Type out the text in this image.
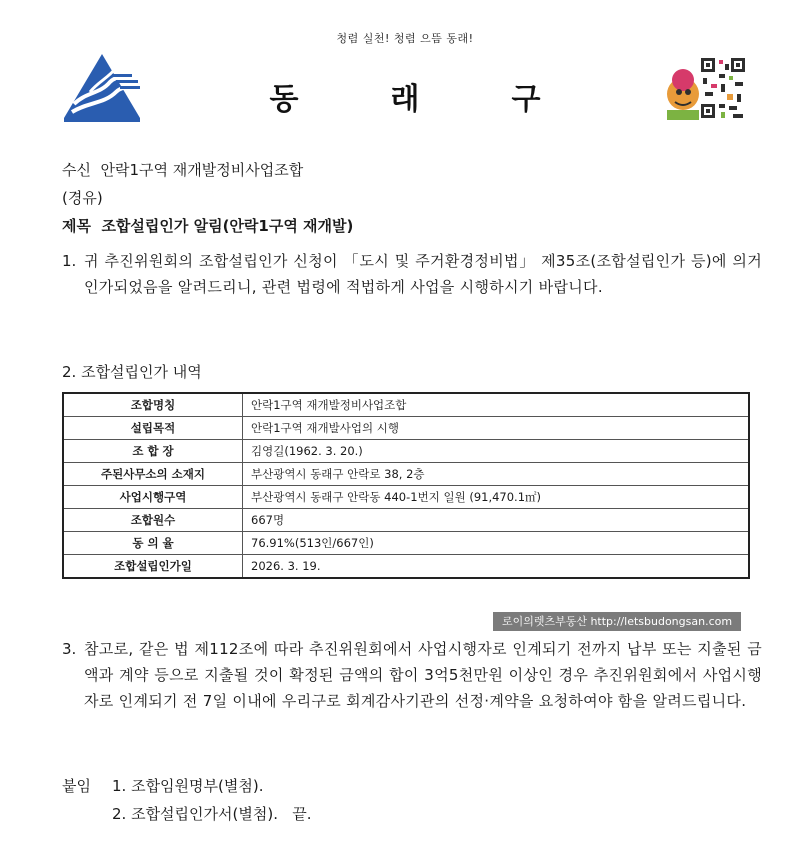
청렴 실천! 청렴 으뜸 동래!
동래구
수신 안락1구역 재개발정비사업조합
(경유)
제목 조합설립인가 알림(안락1구역 재개발)
1. 귀 추진위원회의 조합설립인가 신청이 「도시 및 주거환경정비법」 제35조(조합설립인가 등)에 의거 인가되었음을 알려드리니, 관련 법령에 적법하게 사업을 시행하시기 바랍니다.
2. 조합설립인가 내역
조합명칭	안락1구역 재개발정비사업조합
설립목적	안락1구역 재개발사업의 시행
조 합 장	김영길(1962. 3. 20.)
주된사무소의 소재지	부산광역시 동래구 안락로 38, 2층
사업시행구역	부산광역시 동래구 안락동 440-1번지 일원 (91,470.1㎡)
조합원수	667명
동 의 율	76.91%(513인/667인)
조합설립인가일	2026. 3. 19.
로이의렛츠부동산 http://letsbudongsan.com
3. 참고로, 같은 법 제112조에 따라 추진위원회에서 사업시행자로 인계되기 전까지 납부 또는 지출된 금액과 계약 등으로 지출될 것이 확정된 금액의 합이 3억5천만원 이상인 경우 추진위원회에서 사업시행자로 인계되기 전 7일 이내에 우리구로 회계감사기관의 선정·계약을 요청하여야 함을 알려드립니다.
붙임 1. 조합임원명부(별첨).
2. 조합설립인가서(별첨). 끝.
